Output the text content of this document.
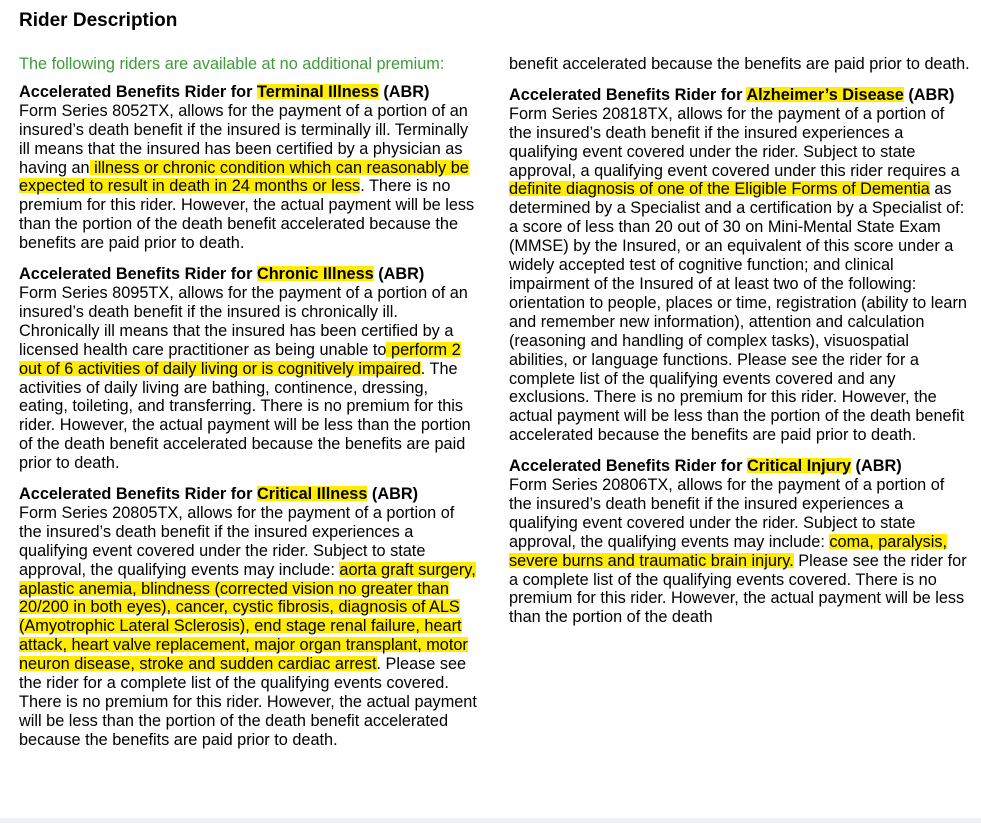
Rider Description

The following riders are available at no additional premium:

Accelerated Benefits Rider for Terminal Illness (ABR)

Form Series 8052TX, allows for the payment of a portion of an insured’s death benefit if the insured is terminally ill. Terminally ill means that the insured has been certified by a physician as having an illness or chronic condition which can reasonably be expected to result in death in 24 months or less. There is no premium for this rider. However, the actual payment will be less than the portion of the death benefit accelerated because the benefits are paid prior to death.

Accelerated Benefits Rider for Chronic Illness (ABR)

Form Series 8095TX, allows for the payment of a portion of an insured’s death benefit if the insured is chronically ill. Chronically ill means that the insured has been certified by a licensed health care practitioner as being unable to perform 2 out of 6 activities of daily living or is cognitively impaired. The activities of daily living are bathing, continence, dressing, eating, toileting, and transferring. There is no premium for this rider. However, the actual payment will be less than the portion of the death benefit accelerated because the benefits are paid prior to death.

Accelerated Benefits Rider for Critical Illness (ABR)

Form Series 20805TX, allows for the payment of a portion of the insured’s death benefit if the insured experiences a qualifying event covered under the rider. Subject to state approval, the qualifying events may include: aorta graft surgery, aplastic anemia, blindness (corrected vision no greater than 20/200 in both eyes), cancer, cystic fibrosis, diagnosis of ALS (Amyotrophic Lateral Sclerosis), end stage renal failure, heart attack, heart valve replacement, major organ transplant, motor neuron disease, stroke and sudden cardiac arrest. Please see the rider for a complete list of the qualifying events covered. There is no premium for this rider. However, the actual payment will be less than the portion of the death benefit accelerated because the benefits are paid prior to death.

benefit accelerated because the benefits are paid prior to death.

Accelerated Benefits Rider for Alzheimer’s Disease (ABR) Form Series 20818TX, allows for the payment of a portion of the insured’s death benefit if the insured experiences a qualifying event covered under the rider. Subject to state approval, a qualifying event covered under this rider requires a definite diagnosis of one of the Eligible Forms of Dementia as determined by a Specialist and a certification by a Specialist of: a score of less than 20 out of 30 on Mini-Mental State Exam (MMSE) by the Insured, or an equivalent of this score under a widely accepted test of cognitive function; and clinical impairment of the Insured of at least two of the following: orientation to people, places or time, registration (ability to learn and remember new information), attention and calculation (reasoning and handling of complex tasks), visuospatial abilities, or language functions. Please see the rider for a complete list of the qualifying events covered and any exclusions. There is no premium for this rider. However, the actual payment will be less than the portion of the death benefit accelerated because the benefits are paid prior to death.

Accelerated Benefits Rider for Critical Injury (ABR)

Form Series 20806TX, allows for the payment of a portion of the insured’s death benefit if the insured experiences a qualifying event covered under the rider. Subject to state approval, the qualifying events may include: coma, paralysis, severe burns and traumatic brain injury. Please see the rider for a complete list of the qualifying events covered. There is no premium for this rider. However, the actual payment will be less than the portion of the death
